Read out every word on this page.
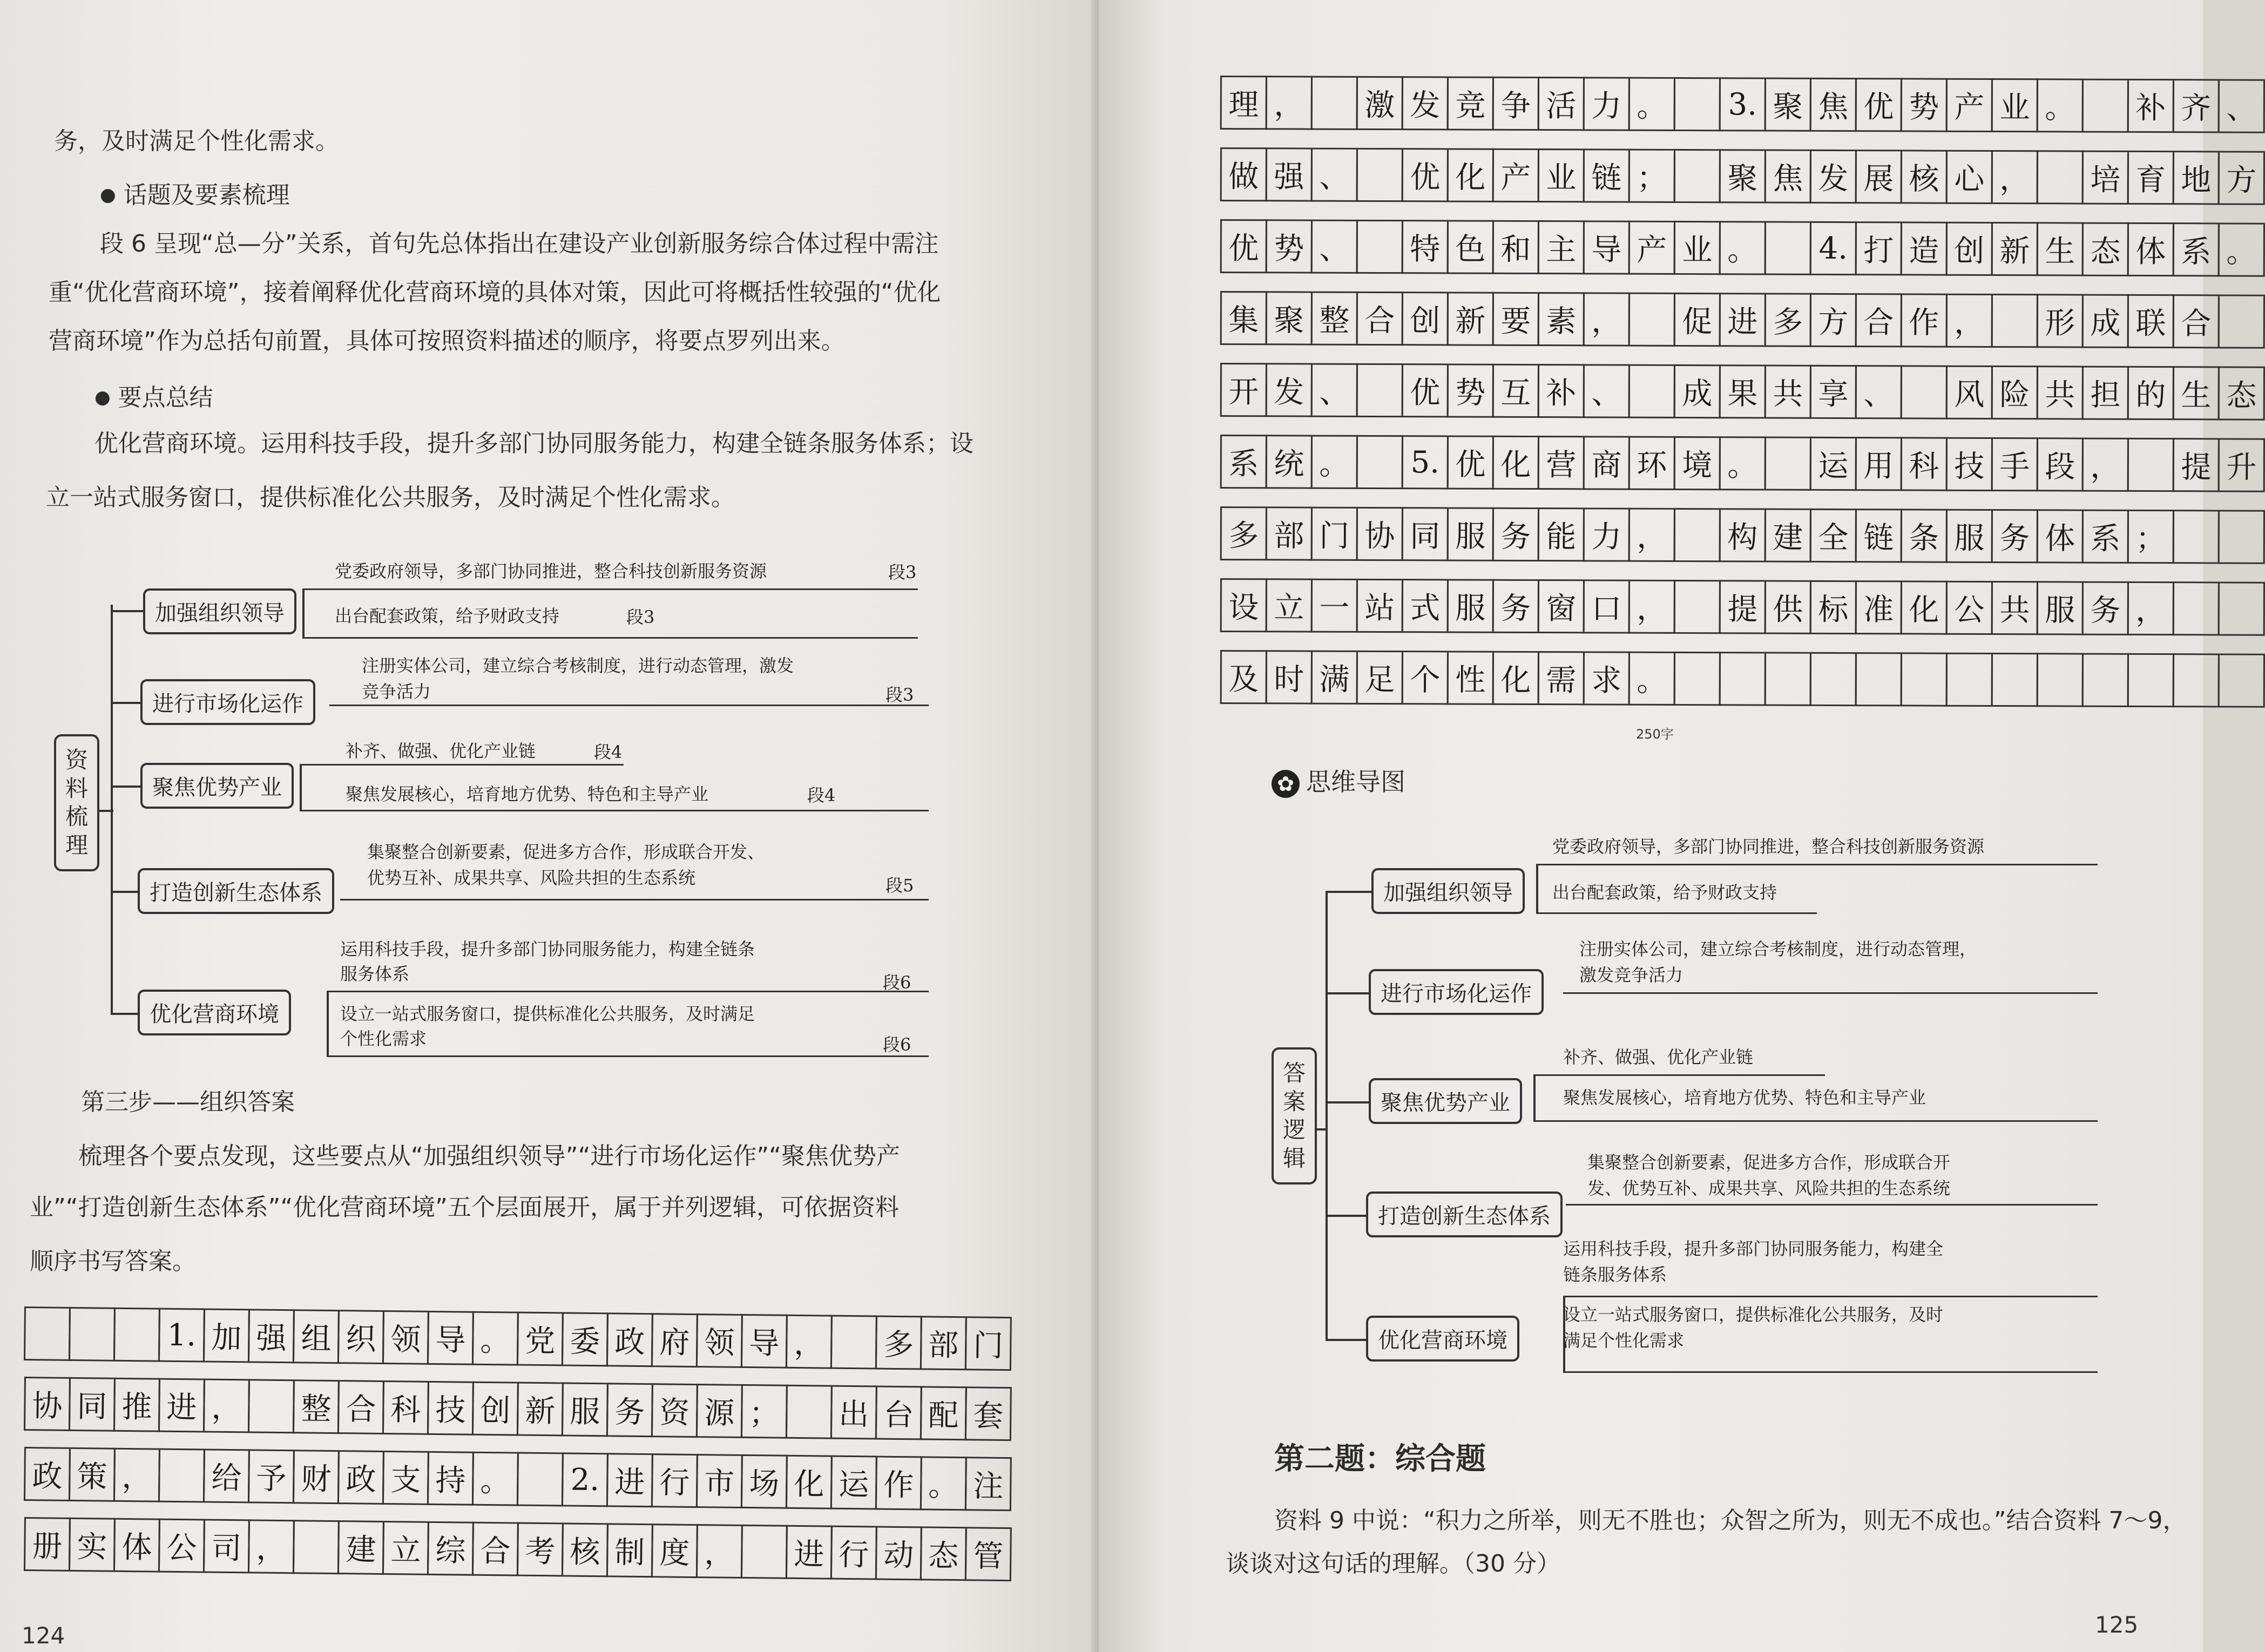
务，及时满足个性化需求。
● 话题及要素梳理
段 6 呈现“总—分”关系，首句先总体指出在建设产业创新服务综合体过程中需注
重“优化营商环境”，接着阐释优化营商环境的具体对策，因此可将概括性较强的“优化
营商环境”作为总括句前置，具体可按照资料描述的顺序，将要点罗列出来。
● 要点总结
优化营商环境。运用科技手段，提升多部门协同服务能力，构建全链条服务体系；设
立一站式服务窗口，提供标准化公共服务，及时满足个性化需求。
资料梳理
加强组织领导
党委政府领导，多部门协同推进，整合科技创新服务资源	段3
出台配套政策，给予财政支持	段3
进行市场化运作
注册实体公司，建立综合考核制度，进行动态管理，激发
竞争活力	段3
聚焦优势产业
补齐、做强、优化产业链	段4
聚焦发展核心，培育地方优势、特色和主导产业	段4
打造创新生态体系
集聚整合创新要素，促进多方合作，形成联合开发、
优势互补、成果共享、风险共担的生态系统	段5
优化营商环境
运用科技手段，提升多部门协同服务能力，构建全链条
服务体系	段6
设立一站式服务窗口，提供标准化公共服务，及时满足
个性化需求	段6
第三步——组织答案
梳理各个要点发现，这些要点从“加强组织领导”“进行市场化运作”“聚焦优势产
业”“打造创新生态体系”“优化营商环境”五个层面展开，属于并列逻辑，可依据资料
顺序书写答案。
1. 加 强 组 织 领 导 。 党 委 政 府 领 导 ， 多 部 门
协 同 推 进 ， 整 合 科 技 创 新 服 务 资 源 ； 出 台 配 套
政 策 ， 给 予 财 政 支 持 。 2. 进 行 市 场 化 运 作 。 注
册 实 体 公 司 ， 建 立 综 合 考 核 制 度 ， 进 行 动 态 管
124
理 ， 激 发 竞 争 活 力 。	3. 聚 焦 优 势 产 业 。 补 齐 、
做 强 、 优 化 产 业 链 ； 聚 焦 发 展 核 心 ， 培 育 地 方
优 势 、 特 色 和 主 导 产 业 。	4. 打 造 创 新 生 态 体 系 。
集 聚 整 合 创 新 要 素 ， 促 进 多 方 合 作 ， 形 成 联 合
开 发 、 优 势 互 补 、 成 果 共 享 、 风 险 共 担 的 生 态
系 统 。	5. 优 化 营 商 环 境 。 运 用 科 技 手 段 ， 提 升
多 部 门 协 同 服 务 能 力 ， 构 建 全 链 条 服 务 体 系 ；
设 立 一 站 式 服 务 窗 口 ， 提 供 标 准 化 公 共 服 务 ，
及 时 满 足 个 性 化 需 求 。
250字
✿ 思维导图
答案逻辑
加强组织领导
党委政府领导，多部门协同推进，整合科技创新服务资源
出台配套政策，给予财政支持
进行市场化运作
注册实体公司，建立综合考核制度，进行动态管理，
激发竞争活力
聚焦优势产业
补齐、做强、优化产业链
聚焦发展核心，培育地方优势、特色和主导产业
打造创新生态体系
集聚整合创新要素，促进多方合作，形成联合开
发、优势互补、成果共享、风险共担的生态系统
优化营商环境
运用科技手段，提升多部门协同服务能力，构建全
链条服务体系
设立一站式服务窗口，提供标准化公共服务，及时
满足个性化需求
第二题：综合题
资料 9 中说：“积力之所举，则无不胜也；众智之所为，则无不成也。”结合资料 7～9，
谈谈对这句话的理解。（30 分）
125
